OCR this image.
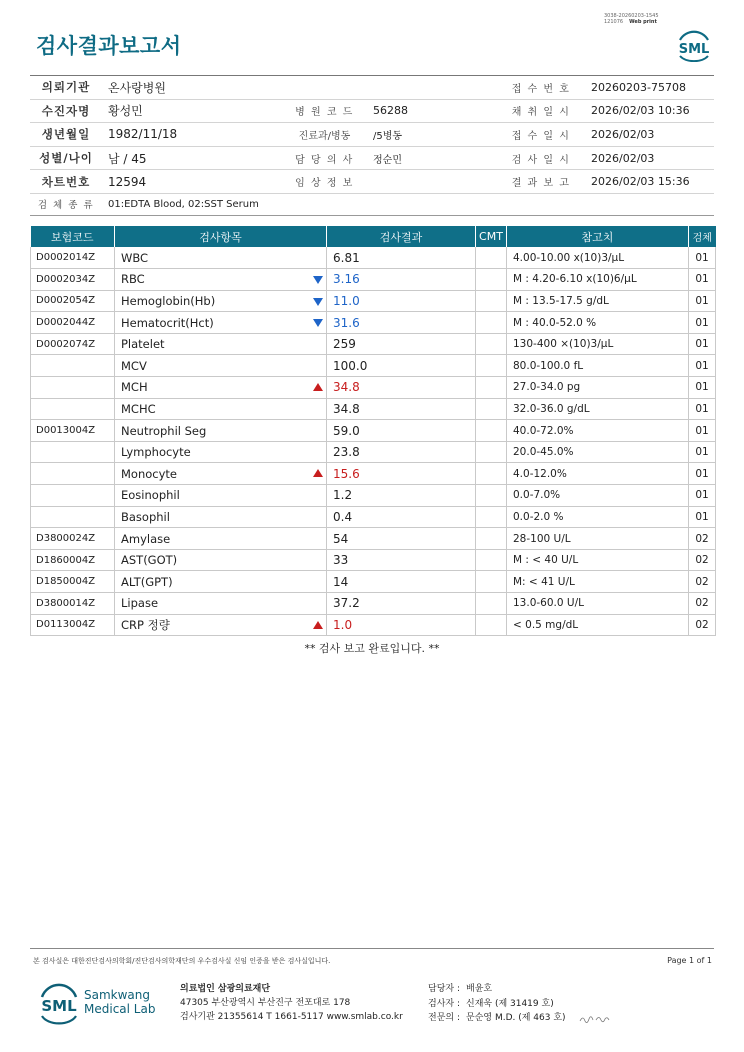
검사결과보고서
3038-20260203-1545
121076 Web print
SML
의뢰기관	온사랑병원			접 수 번 호	20260203-75708
수진자명	황성민	병 원 코 드	56288	채 취 일 시	2026/02/03 10:36
생년월일	1982/11/18	진료과/병동	/5병동	접 수 일 시	2026/02/03
성별/나이	남 / 45	담 당 의 사	정순민	검 사 일 시	2026/02/03
차트번호	12594	임 상 정 보		결 과 보 고	2026/02/03 15:36
검 체 종 류	01:EDTA Blood, 02:SST Serum				
보험코드	검사항목	검사결과	CMT	참고치	검체
D0002014Z	WBC	6.81		4.00-10.00 x(10)3/μL	01
D0002034Z	RBC	3.16		M : 4.20-6.10 x(10)6/μL	01
D0002054Z	Hemoglobin(Hb)	11.0		M : 13.5-17.5 g/dL	01
D0002044Z	Hematocrit(Hct)	31.6		M : 40.0-52.0 %	01
D0002074Z	Platelet	259		130-400 ×(10)3/μL	01
	MCV	100.0		80.0-100.0 fL	01
	MCH	34.8		27.0-34.0 pg	01
	MCHC	34.8		32.0-36.0 g/dL	01
D0013004Z	Neutrophil Seg	59.0		40.0-72.0%	01
	Lymphocyte	23.8		20.0-45.0%	01
	Monocyte	15.6		4.0-12.0%	01
	Eosinophil	1.2		0.0-7.0%	01
	Basophil	0.4		0.0-2.0 %	01
D3800024Z	Amylase	54		28-100 U/L	02
D1860004Z	AST(GOT)	33		M : < 40 U/L	02
D1850004Z	ALT(GPT)	14		M: < 41 U/L	02
D3800014Z	Lipase	37.2		13.0-60.0 U/L	02
D0113004Z	CRP 정량	1.0		< 0.5 mg/dL	02
** 검사 보고 완료입니다. **
본 검사실은 대한진단검사의학회/진단검사의학재단의 우수검사실 신임 인증을 받은 검사실입니다.	Page 1 of 1
SML
Samkwang
Medical Lab
의료법인 삼광의료재단
47305 부산광역시 부산진구 전포대로 178
검사기관 21355614 T 1661-5117 www.smlab.co.kr
담당자 : 배윤호
검사자 : 신재욱 (제 31419 호)
전문의 : 문순영 M.D. (제 463 호)
